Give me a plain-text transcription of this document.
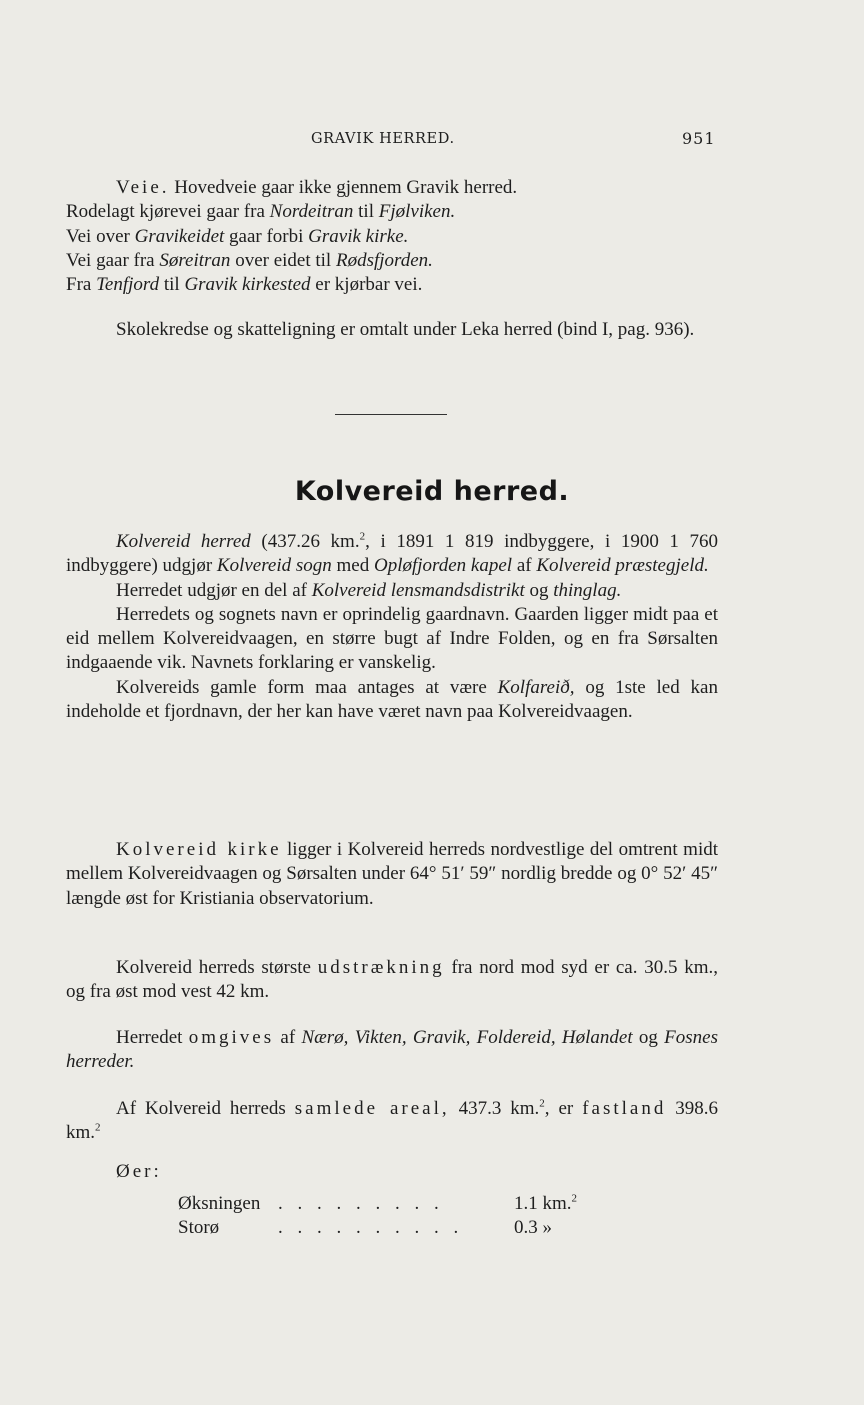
GRAVIK HERRED.	951

Veie. Hovedveie gaar ikke gjennem Gravik herred.

Rodelagt kjørevei gaar fra Nordeitran til Fjølviken.

Vei over Gravikeidet gaar forbi Gravik kirke.

Vei gaar fra Søreitran over eidet til Rødsfjorden.

Fra Tenfjord til Gravik kirkested er kjørbar vei.

Skolekredse og skatteligning er omtalt under Leka herred (bind I, pag. 936).

Kolvereid herred.

Kolvereid herred (437.26 km.$^2$, i 1891 1 819 indbyggere, i 1900 1 760 indbyggere) udgjør Kolvereid sogn med Opløfjorden kapel af Kolvereid præstegjeld.

Herredet udgjør en del af Kolvereid lensmandsdistrikt og thinglag.

Herredets og sognets navn er oprindelig gaardnavn. Gaarden ligger midt paa et eid mellem Kolvereidvaagen, en større bugt af Indre Folden, og en fra Sørsalten indgaaende vik. Navnets forklaring er vanskelig.

Kolvereids gamle form maa antages at være Kolfareið, og 1ste led kan indeholde et fjordnavn, der her kan have været navn paa Kolvereidvaagen.

Kolvereid kirke ligger i Kolvereid herreds nordvestlige del omtrent midt mellem Kolvereidvaagen og Sørsalten under 64° 51′ 59″ nordlig bredde og 0° 52′ 45″ længde øst for Kristiania observatorium.

Kolvereid herreds største udstrækning fra nord mod syd er ca. 30.5 km., og fra øst mod vest 42 km.

Herredet omgives af Nærø, Vikten, Gravik, Foldereid, Hølandet og Fosnes herreder.

Af Kolvereid herreds samlede areal, 437.3 km.$^2$, er fastland 398.6 km.$^2$

Øer:

Øksningen . . . . . . . . .	1.1 km.$^2$
Storø	. . . . . . . . . .	0.3 »
